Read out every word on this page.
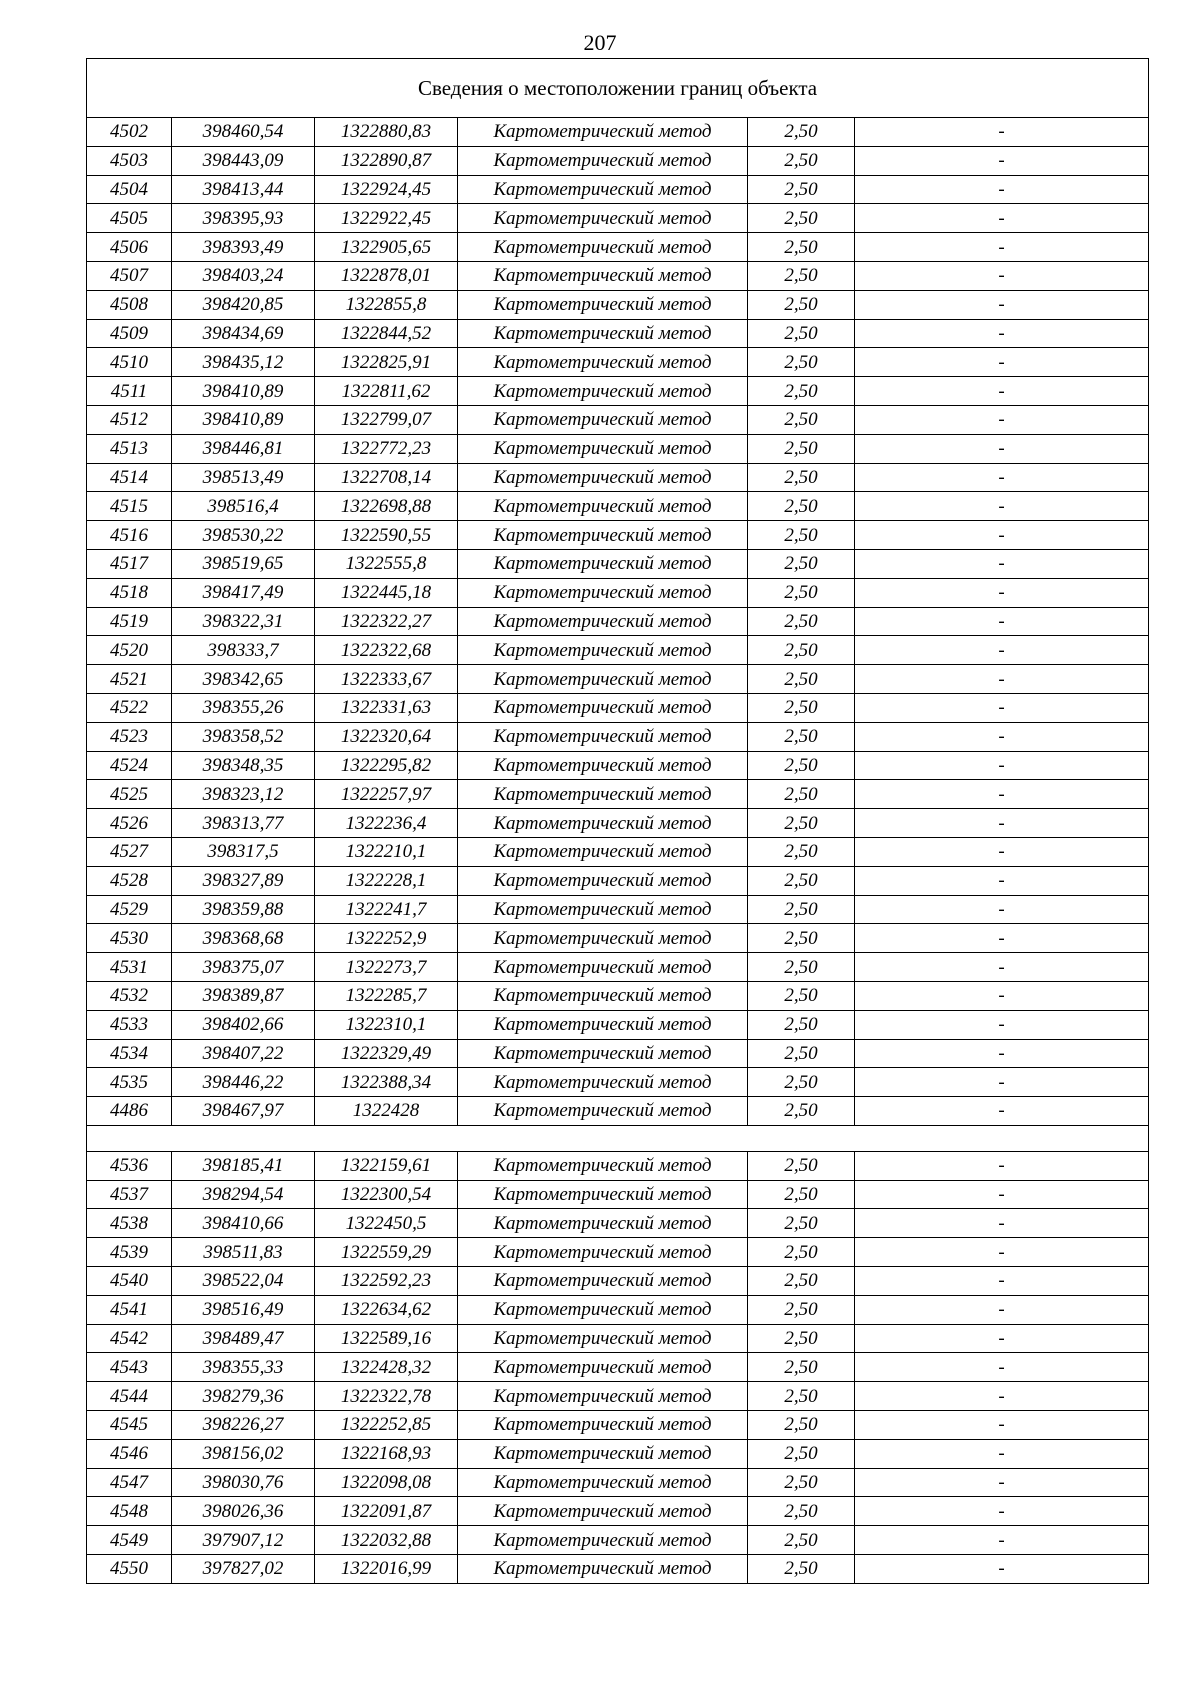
207
Сведения о местоположении границ объекта					
4502	398460,54	1322880,83	Картометрический метод	2,50	-
4503	398443,09	1322890,87	Картометрический метод	2,50	-
4504	398413,44	1322924,45	Картометрический метод	2,50	-
4505	398395,93	1322922,45	Картометрический метод	2,50	-
4506	398393,49	1322905,65	Картометрический метод	2,50	-
4507	398403,24	1322878,01	Картометрический метод	2,50	-
4508	398420,85	1322855,8	Картометрический метод	2,50	-
4509	398434,69	1322844,52	Картометрический метод	2,50	-
4510	398435,12	1322825,91	Картометрический метод	2,50	-
4511	398410,89	1322811,62	Картометрический метод	2,50	-
4512	398410,89	1322799,07	Картометрический метод	2,50	-
4513	398446,81	1322772,23	Картометрический метод	2,50	-
4514	398513,49	1322708,14	Картометрический метод	2,50	-
4515	398516,4	1322698,88	Картометрический метод	2,50	-
4516	398530,22	1322590,55	Картометрический метод	2,50	-
4517	398519,65	1322555,8	Картометрический метод	2,50	-
4518	398417,49	1322445,18	Картометрический метод	2,50	-
4519	398322,31	1322322,27	Картометрический метод	2,50	-
4520	398333,7	1322322,68	Картометрический метод	2,50	-
4521	398342,65	1322333,67	Картометрический метод	2,50	-
4522	398355,26	1322331,63	Картометрический метод	2,50	-
4523	398358,52	1322320,64	Картометрический метод	2,50	-
4524	398348,35	1322295,82	Картометрический метод	2,50	-
4525	398323,12	1322257,97	Картометрический метод	2,50	-
4526	398313,77	1322236,4	Картометрический метод	2,50	-
4527	398317,5	1322210,1	Картометрический метод	2,50	-
4528	398327,89	1322228,1	Картометрический метод	2,50	-
4529	398359,88	1322241,7	Картометрический метод	2,50	-
4530	398368,68	1322252,9	Картометрический метод	2,50	-
4531	398375,07	1322273,7	Картометрический метод	2,50	-
4532	398389,87	1322285,7	Картометрический метод	2,50	-
4533	398402,66	1322310,1	Картометрический метод	2,50	-
4534	398407,22	1322329,49	Картометрический метод	2,50	-
4535	398446,22	1322388,34	Картометрический метод	2,50	-
4486	398467,97	1322428	Картометрический метод	2,50	-

4536	398185,41	1322159,61	Картометрический метод	2,50	-
4537	398294,54	1322300,54	Картометрический метод	2,50	-
4538	398410,66	1322450,5	Картометрический метод	2,50	-
4539	398511,83	1322559,29	Картометрический метод	2,50	-
4540	398522,04	1322592,23	Картометрический метод	2,50	-
4541	398516,49	1322634,62	Картометрический метод	2,50	-
4542	398489,47	1322589,16	Картометрический метод	2,50	-
4543	398355,33	1322428,32	Картометрический метод	2,50	-
4544	398279,36	1322322,78	Картометрический метод	2,50	-
4545	398226,27	1322252,85	Картометрический метод	2,50	-
4546	398156,02	1322168,93	Картометрический метод	2,50	-
4547	398030,76	1322098,08	Картометрический метод	2,50	-
4548	398026,36	1322091,87	Картометрический метод	2,50	-
4549	397907,12	1322032,88	Картометрический метод	2,50	-
4550	397827,02	1322016,99	Картометрический метод	2,50	-
